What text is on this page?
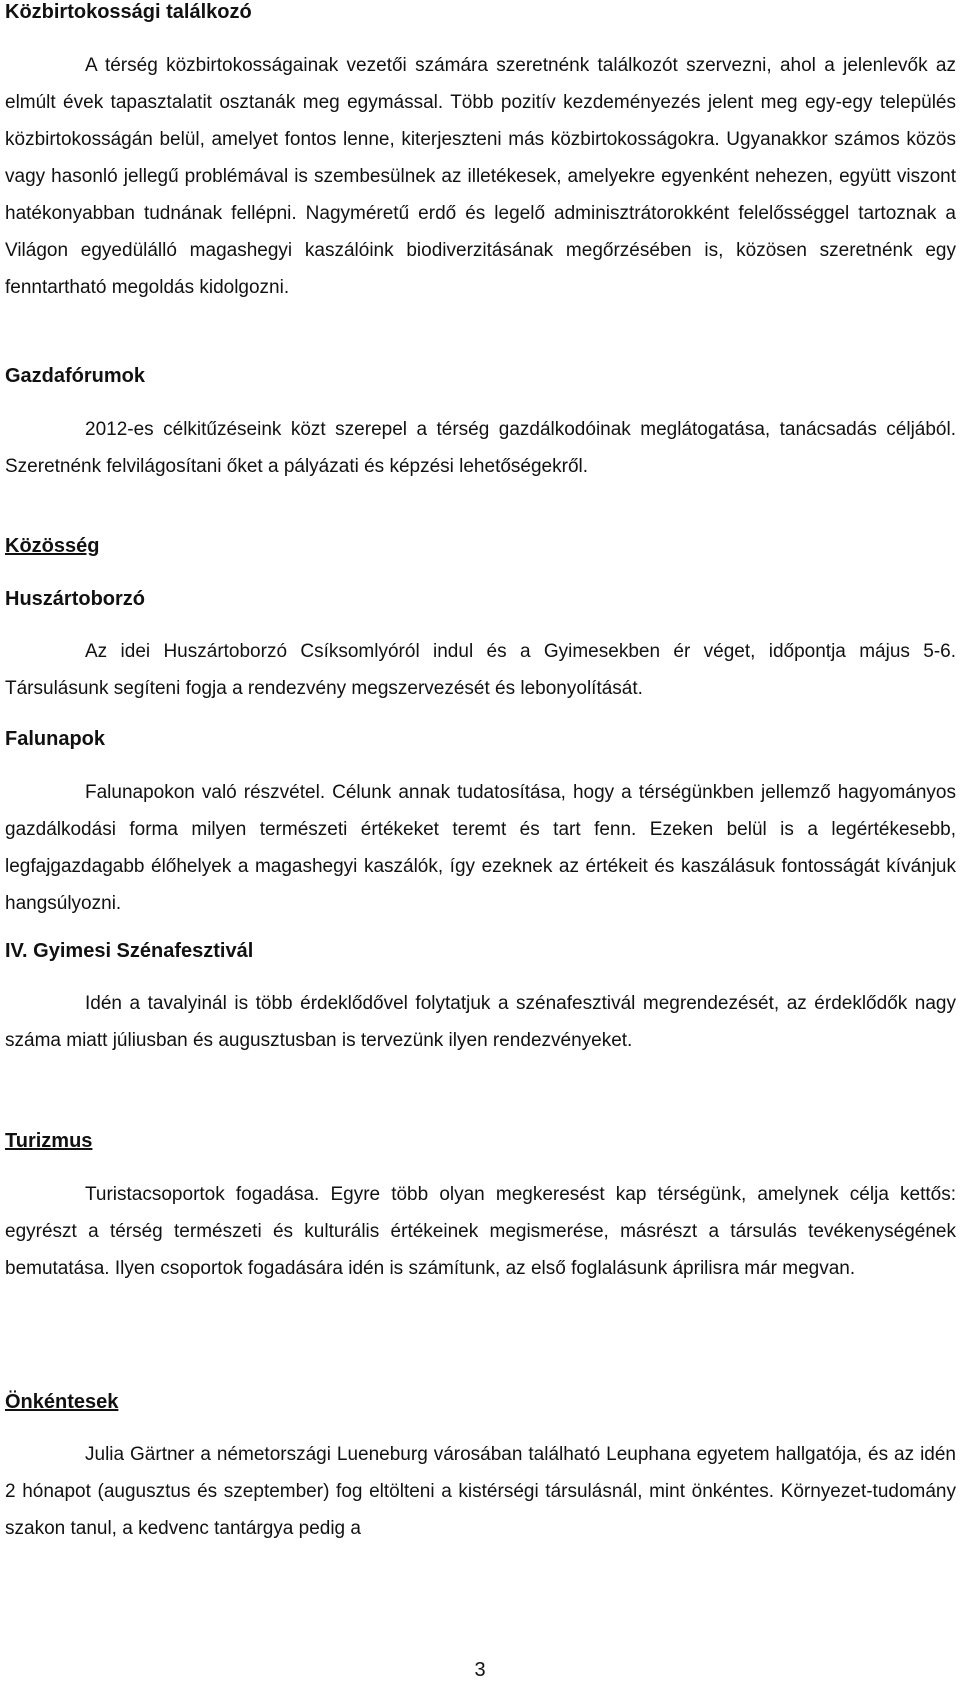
Közbirtokossági találkozó

A térség közbirtokosságainak vezetői számára szeretnénk találkozót szervezni, ahol a jelenlevők az elmúlt évek tapasztalatit osztanák meg egymással. Több pozitív kezdeményezés jelent meg egy-egy település közbirtokosságán belül, amelyet fontos lenne, kiterjeszteni más közbirtokosságokra. Ugyanakkor számos közös vagy hasonló jellegű problémával is szembesülnek az illetékesek, amelyekre egyenként nehezen, együtt viszont hatékonyabban tudnának fellépni. Nagyméretű erdő és legelő adminisztrátorokként felelősséggel tartoznak a Világon egyedülálló magashegyi kaszálóink biodiverzitásának megőrzésében is, közösen szeretnénk egy fenntartható megoldás kidolgozni.

Gazdafórumok

2012-es célkitűzéseink közt szerepel a térség gazdálkodóinak meglátogatása, tanácsadás céljából. Szeretnénk felvilágosítani őket a pályázati és képzési lehetőségekről.

Közösség
Huszártoborzó

Az idei Huszártoborzó Csíksomlyóról indul és a Gyimesekben ér véget, időpontja május 5-6. Társulásunk segíteni fogja a rendezvény megszervezését és lebonyolítását.

Falunapok

Falunapokon való részvétel. Célunk annak tudatosítása, hogy a térségünkben jellemző hagyományos gazdálkodási forma milyen természeti értékeket teremt és tart fenn. Ezeken belül is a legértékesebb, legfajgazdagabb élőhelyek a magashegyi kaszálók, így ezeknek az értékeit és kaszálásuk fontosságát kívánjuk hangsúlyozni.

IV. Gyimesi Szénafesztivál

Idén a tavalyinál is több érdeklődővel folytatjuk a szénafesztivál megrendezését, az érdeklődők nagy száma miatt júliusban és augusztusban is tervezünk ilyen rendezvényeket.

Turizmus

Turistacsoportok fogadása. Egyre több olyan megkeresést kap térségünk, amelynek célja kettős: egyrészt a térség természeti és kulturális értékeinek megismerése, másrészt a társulás tevékenységének bemutatása. Ilyen csoportok fogadására idén is számítunk, az első foglalásunk áprilisra már megvan.

Önkéntesek

Julia Gärtner a németországi Lueneburg városában található Leuphana egyetem hallgatója, és az idén 2 hónapot (augusztus és szeptember) fog eltölteni a kistérségi társulásnál, mint önkéntes. Környezet-tudomány szakon tanul, a kedvenc tantárgya pedig a

3
